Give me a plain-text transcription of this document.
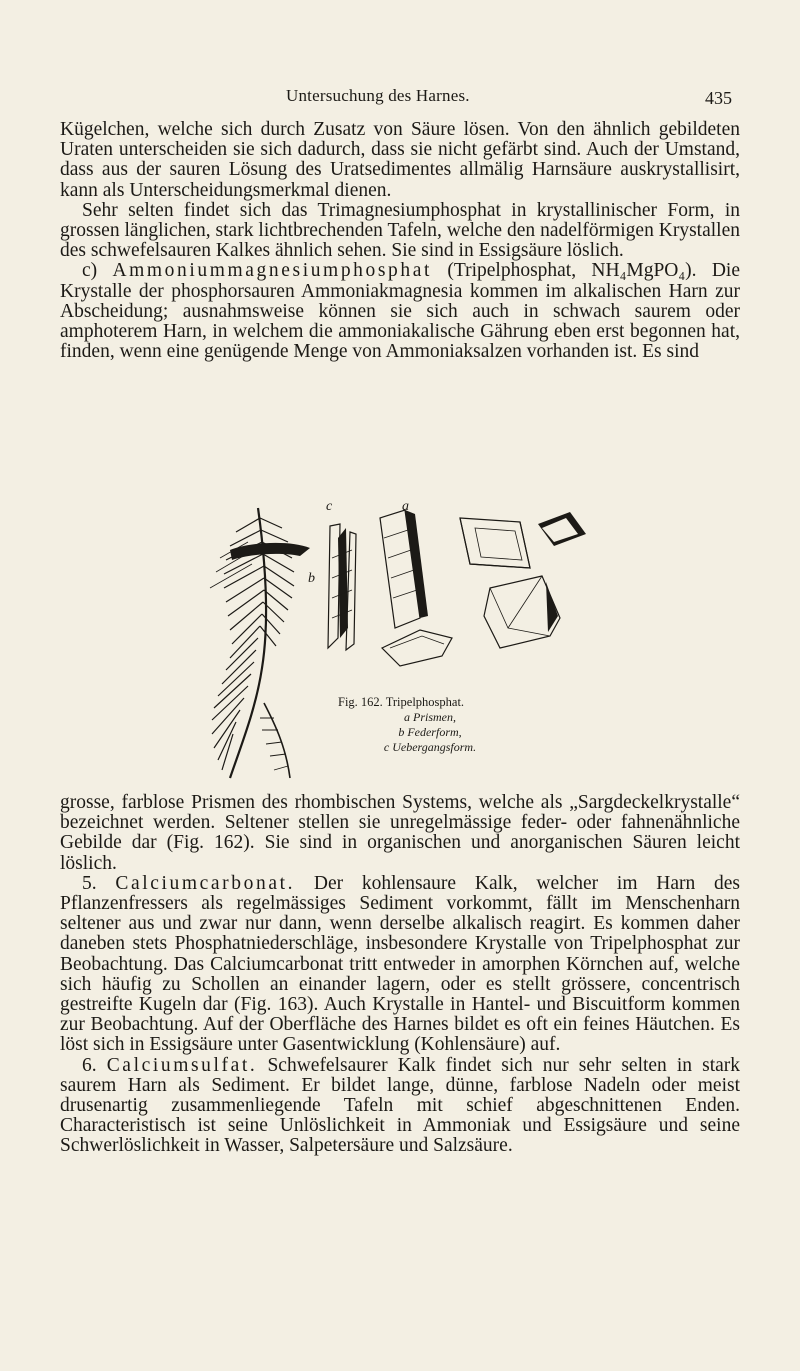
Untersuchung des Harnes.	435

Kügelchen, welche sich durch Zusatz von Säure lösen. Von den ähnlich gebildeten Uraten unterscheiden sie sich dadurch, dass sie nicht gefärbt sind. Auch der Umstand, dass aus der sauren Lösung des Uratsedimentes allmälig Harnsäure auskrystallisirt, kann als Unterscheidungsmerkmal dienen.

Sehr selten findet sich das Trimagnesiumphosphat in krystallinischer Form, in grossen länglichen, stark lichtbrechenden Tafeln, welche den nadelförmigen Krystallen des schwefelsauren Kalkes ähnlich sehen. Sie sind in Essigsäure löslich.

c) Ammoniummagnesiumphosphat (Tripelphosphat, NH₄MgPO₄). Die Krystalle der phosphorsauren Ammoniakmagnesia kommen im alkalischen Harn zur Abscheidung; ausnahmsweise können sie sich auch in schwach saurem oder amphoterem Harn, in welchem die ammoniakalische Gährung eben erst begonnen hat, finden, wenn eine genügende Menge von Ammoniaksalzen vorhanden ist. Es sind

b
c	a
Fig. 162. Tripelphosphat.
a Prismen,
b Federform,
c Uebergangsform.

grosse, farblose Prismen des rhombischen Systems, welche als „Sargdeckelkrystalle“ bezeichnet werden. Seltener stellen sie unregelmässige feder- oder fahnenähnliche Gebilde dar (Fig. 162). Sie sind in organischen und anorganischen Säuren leicht löslich.

5. Calciumcarbonat. Der kohlensaure Kalk, welcher im Harn des Pflanzenfressers als regelmässiges Sediment vorkommt, fällt im Menschenharn seltener aus und zwar nur dann, wenn derselbe alkalisch reagirt. Es kommen daher daneben stets Phosphatniederschläge, insbesondere Krystalle von Tripelphosphat zur Beobachtung. Das Calciumcarbonat tritt entweder in amorphen Körnchen auf, welche sich häufig zu Schollen an einander lagern, oder es stellt grössere, concentrisch gestreifte Kugeln dar (Fig. 163). Auch Krystalle in Hantel- und Biscuitform kommen zur Beobachtung. Auf der Oberfläche des Harnes bildet es oft ein feines Häutchen. Es löst sich in Essigsäure unter Gasentwicklung (Kohlensäure) auf.

6. Calciumsulfat. Schwefelsaurer Kalk findet sich nur sehr selten in stark saurem Harn als Sediment. Er bildet lange, dünne, farblose Nadeln oder meist drusenartig zusammenliegende Tafeln mit schief abgeschnittenen Enden. Characteristisch ist seine Unlöslichkeit in Ammoniak und Essigsäure und seine Schwerlöslichkeit in Wasser, Salpetersäure und Salzsäure.
